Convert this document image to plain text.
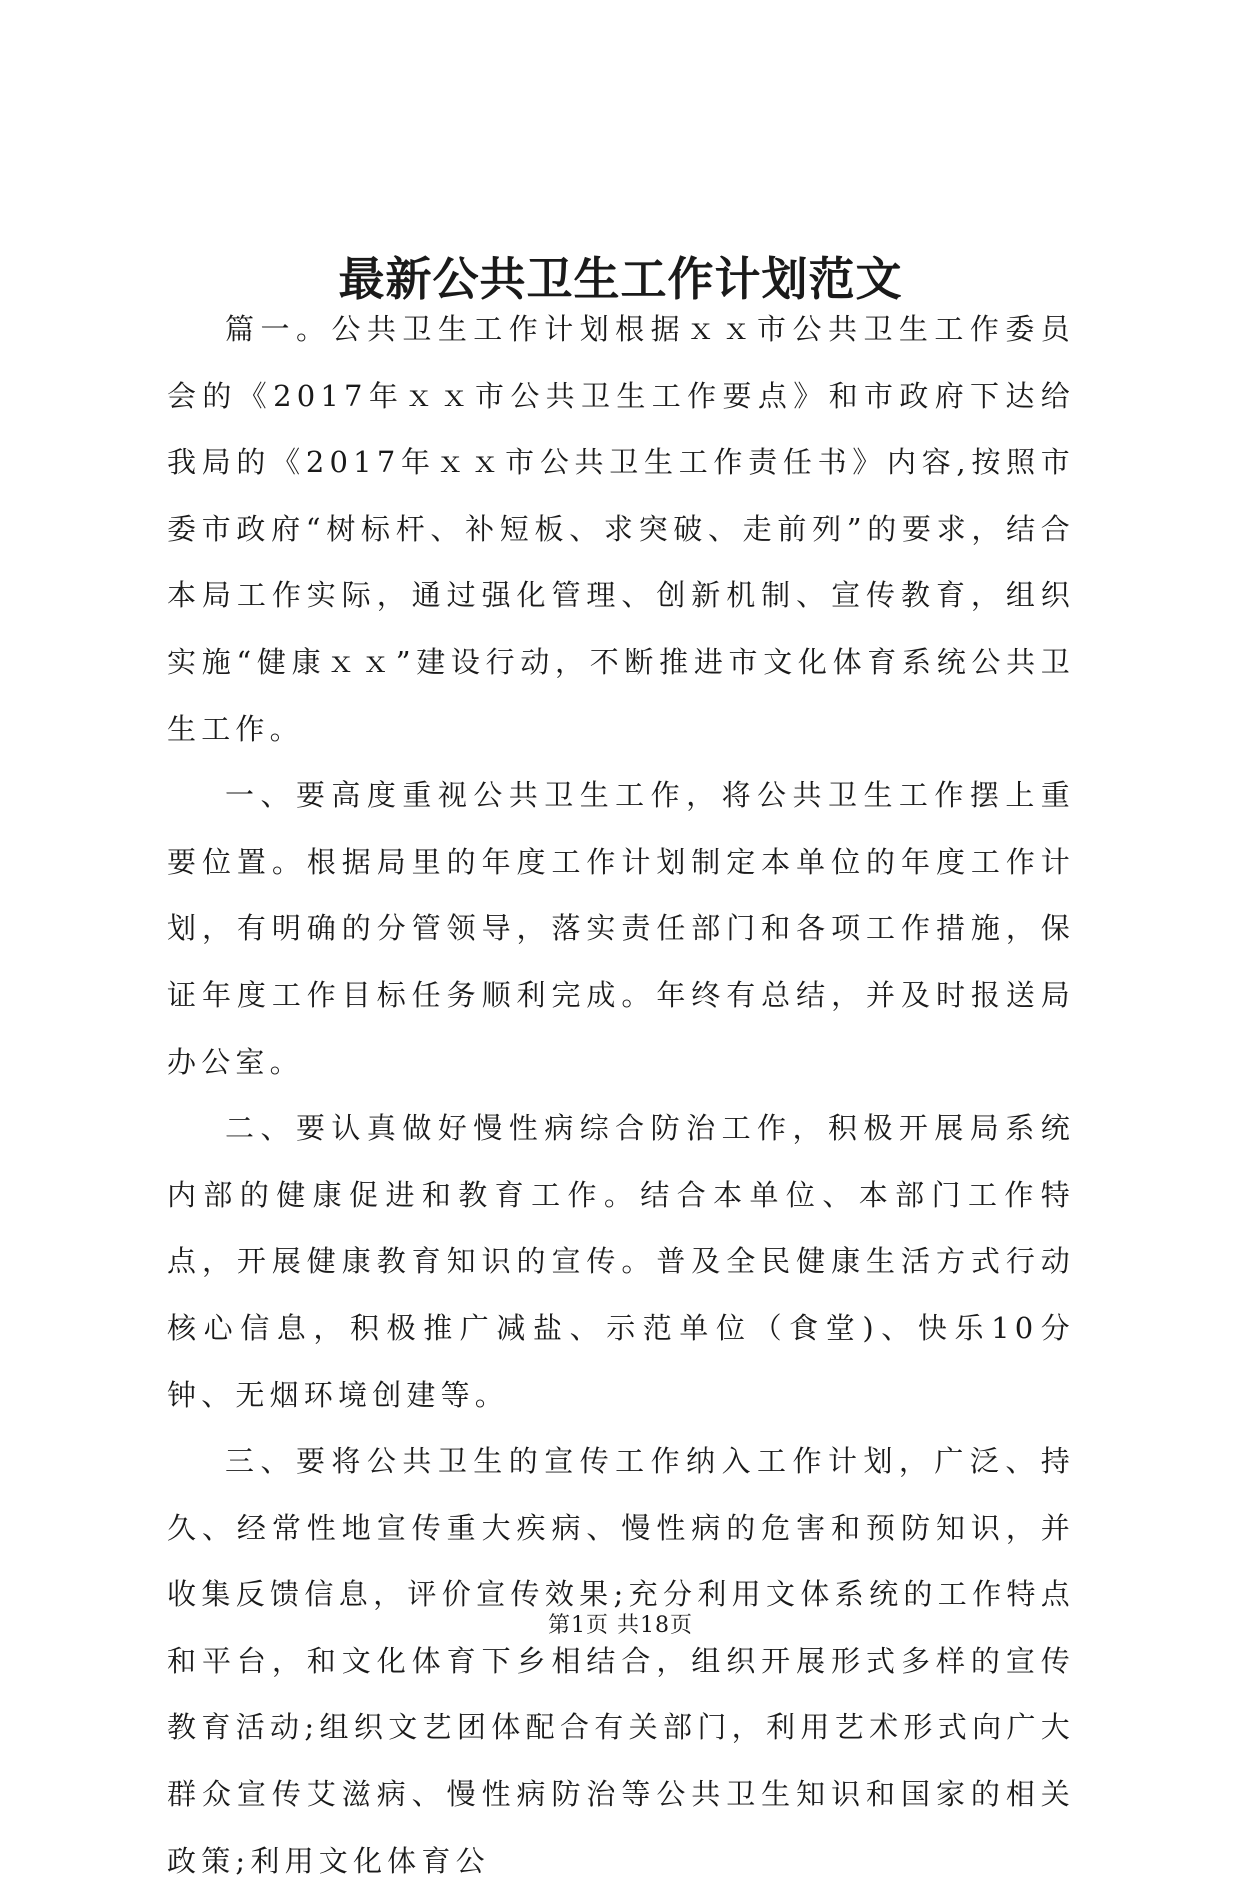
最新公共卫生工作计划范文

篇一。公共卫生工作计划根据ｘｘ市公共卫生工作委员会的《2017年ｘｘ市公共卫生工作要点》和市政府下达给我局的《2017年ｘｘ市公共卫生工作责任书》内容,按照市委市政府“树标杆、补短板、求突破、走前列”的要求，结合本局工作实际，通过强化管理、创新机制、宣传教育，组织实施“健康ｘｘ”建设行动，不断推进市文化体育系统公共卫生工作。

一、要高度重视公共卫生工作，将公共卫生工作摆上重要位置。根据局里的年度工作计划制定本单位的年度工作计划，有明确的分管领导，落实责任部门和各项工作措施，保证年度工作目标任务顺利完成。年终有总结，并及时报送局办公室。

二、要认真做好慢性病综合防治工作，积极开展局系统内部的健康促进和教育工作。结合本单位、本部门工作特点，开展健康教育知识的宣传。普及全民健康生活方式行动核心信息，积极推广减盐、示范单位（食堂)、快乐10分钟、无烟环境创建等。

三、要将公共卫生的宣传工作纳入工作计划，广泛、持久、经常性地宣传重大疾病、慢性病的危害和预防知识，并收集反馈信息，评价宣传效果;充分利用文体系统的工作特点和平台，和文化体育下乡相结合，组织开展形式多样的宣传教育活动;组织文艺团体配合有关部门，利用艺术形式向广大群众宣传艾滋病、慢性病防治等公共卫生知识和国家的相关政策;利用文化体育公

第1页 共18页
